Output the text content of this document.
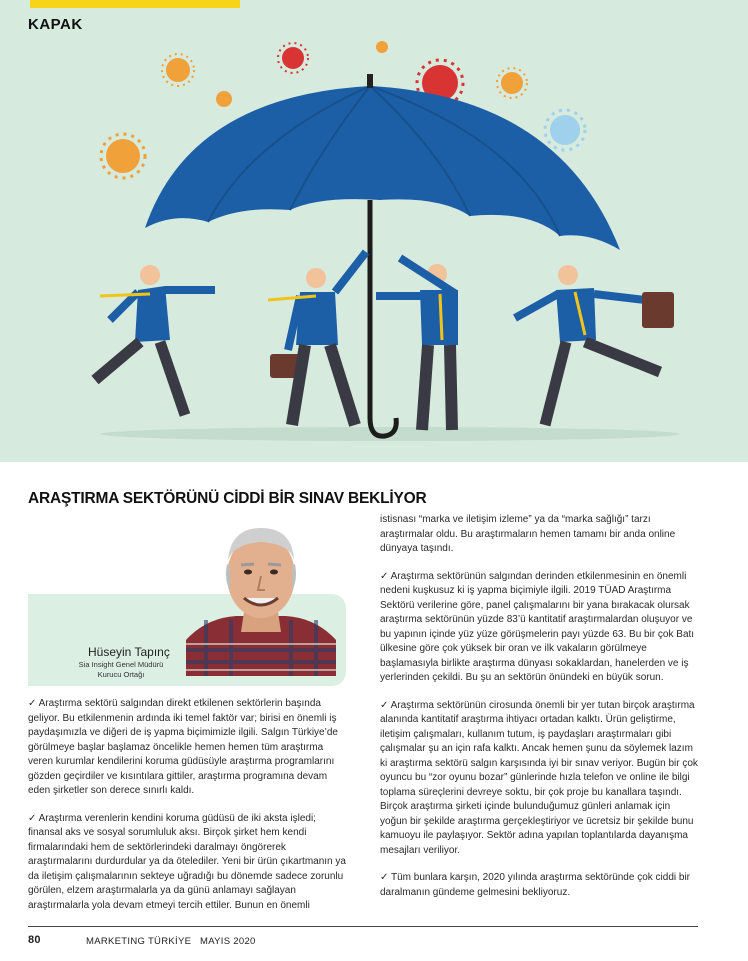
KAPAK
ARAŞTIRMA SEKTÖRÜNÜ CİDDİ BİR SINAV BEKLİYOR
Hüseyin Tapınç
Sia Insight Genel Müdürü
Kurucu Ortağı

✓ Araştırma sektörü salgından direkt etkilenen sektörlerin başında geliyor. Bu etkilenmenin ardında iki temel faktör var; birisi en önemli iş paydaşımızla ve diğeri de iş yapma biçimimizle ilgili. Salgın Türkiye’de görülmeye başlar başlamaz öncelikle hemen hemen tüm araştırma veren kurumlar kendilerini koruma güdüsüyle araştırma programlarını gözden geçirdiler ve kısıntılara gittiler, araştırma programına devam eden şirketler son derece sınırlı kaldı.

✓ Araştırma verenlerin kendini koruma güdüsü de iki aksta işledi; finansal aks ve sosyal sorumluluk aksı. Birçok şirket hem kendi firmalarındaki hem de sektörlerindeki daralmayı öngörerek araştırmalarını durdurdular ya da ötelediler. Yeni bir ürün çıkartmanın ya da iletişim çalışmalarının sekteye uğradığı bu dönemde sadece zorunlu görülen, elzem araştırmalarla ya da günü anlamayı sağlayan araştırmalarla yola devam etmeyi tercih ettiler. Bunun en önemli

istisnası “marka ve iletişim izleme” ya da “marka sağlığı” tarzı araştırmalar oldu. Bu araştırmaların hemen tamamı bir anda online dünyaya taşındı.

✓ Araştırma sektörünün salgından derinden etkilenmesinin en önemli nedeni kuşkusuz ki iş yapma biçimiyle ilgili. 2019 TÜAD Araştırma Sektörü verilerine göre, panel çalışmalarını bir yana bırakacak olursak araştırma sektörünün yüzde 83’ü kantitatif araştırmalardan oluşuyor ve bu yapının içinde yüz yüze görüşmelerin payı yüzde 63. Bu bir çok Batı ülkesine göre çok yüksek bir oran ve ilk vakaların görülmeye başlamasıyla birlikte araştırma dünyası sokaklardan, hanelerden ve iş yerlerinden çekildi. Bu şu an sektörün önündeki en büyük sorun.

✓ Araştırma sektörünün cirosunda önemli bir yer tutan birçok araştırma alanında kantitatif araştırma ihtiyacı ortadan kalktı. Ürün geliştirme, iletişim çalışmaları, kullanım tutum, iş paydaşları araştırmaları gibi çalışmalar şu an için rafa kalktı. Ancak hemen şunu da söylemek lazım ki araştırma sektörü salgın karşısında iyi bir sınav veriyor. Bugün bir çok oyuncu bu “zor oyunu bozar” günlerinde hızla telefon ve online ile bilgi toplama süreçlerini devreye soktu, bir çok proje bu kanallara taşındı. Birçok araştırma şirketi içinde bulunduğumuz günleri anlamak için yoğun bir şekilde araştırma gerçekleştiriyor ve ücretsiz bir şekilde bunu kamuoyu ile paylaşıyor. Sektör adına yapılan toplantılarda dayanışma mesajları veriliyor.

✓ Tüm bunlara karşın, 2020 yılında araştırma sektöründe çok ciddi bir daralmanın gündeme gelmesini bekliyoruz.

80	MARKETING TÜRKİYE MAYIS 2020
